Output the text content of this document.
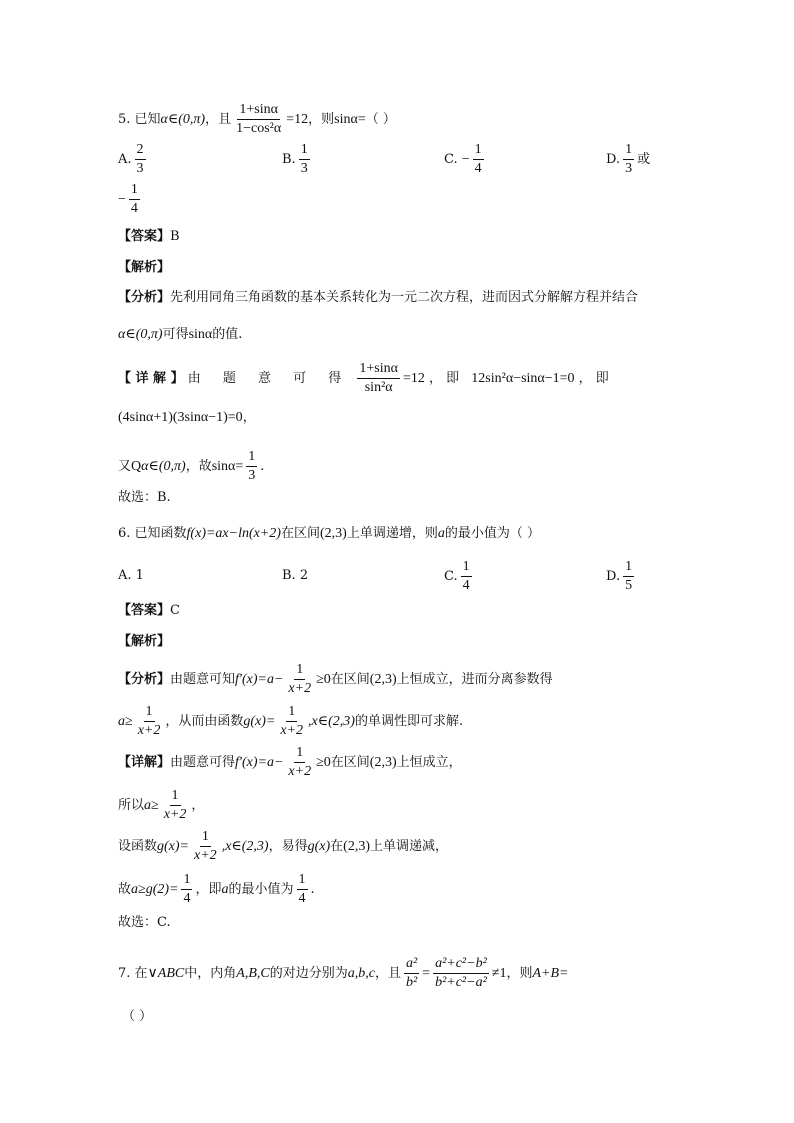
5. 已知α∈(0,π)，且 $\frac{1+\sin\alpha}{\text{1−cos²α}} =12$，则sinα=（ ）
A. $\frac{2}{3}$	B. $\frac{1}{3}$	C. − $\frac{1}{4}$	D. $\frac{1}{3}$ 或
− $\frac{1}{4}$
【答案】B
【解析】
【分析】先利用同角三角函数的基本关系转化为一元二次方程，进而因式分解解方程并结合
α∈(0,π)可得sinα的值.
【 详 解 】 由 题 意 可 得 $\frac{1+\sin\alpha}{\text{sin²α}} =12$ ， 即 12sin²α−sinα−1=0 ， 即
(4sinα+1)(3sinα−1)=0，
又Qα∈(0,π)，故$\sin\alpha= \frac{1}{3}$ .
故选：B.
6. 已知函数f(x)=ax−ln(x+2)在区间(2,3)上单调递增，则a的最小值为（ ）
A. 1	B. 2	C. $\frac{1}{4}$	D. $\frac{1}{5}$
【答案】C
【解析】
【分析】由题意可知$f'(x)=a- \frac{1}{x+2} \ge 0$在区间(2,3)上恒成立，进而分离参数得
$a\ge \frac{1}{x+2}$ ，从而由函数$g(x)= \frac{1}{x+2}$ ,x∈(2,3)的单调性即可求解.
【详解】由题意可得$f'(x)=a- \frac{1}{x+2} \ge 0$在区间(2,3)上恒成立，
所以$a\ge \frac{1}{x+2}$ ，
设函数$g(x)= \frac{1}{x+2}$ ,x∈(2,3)，易得g(x)在(2,3)上单调递减，
故$a\ge g(2)= \frac{1}{4}$ ，即a的最小值为 $\frac{1}{4}$ .
故选：C.
7. 在∨ABC中，内角A,B,C的对边分别为a,b,c，且 $\frac{\text{a²}}{\text{b²}} = \frac{\text{a²+c²−b²}}{\text{b²+c²−a²}} \ne 1$，则A+B=
（ ）
